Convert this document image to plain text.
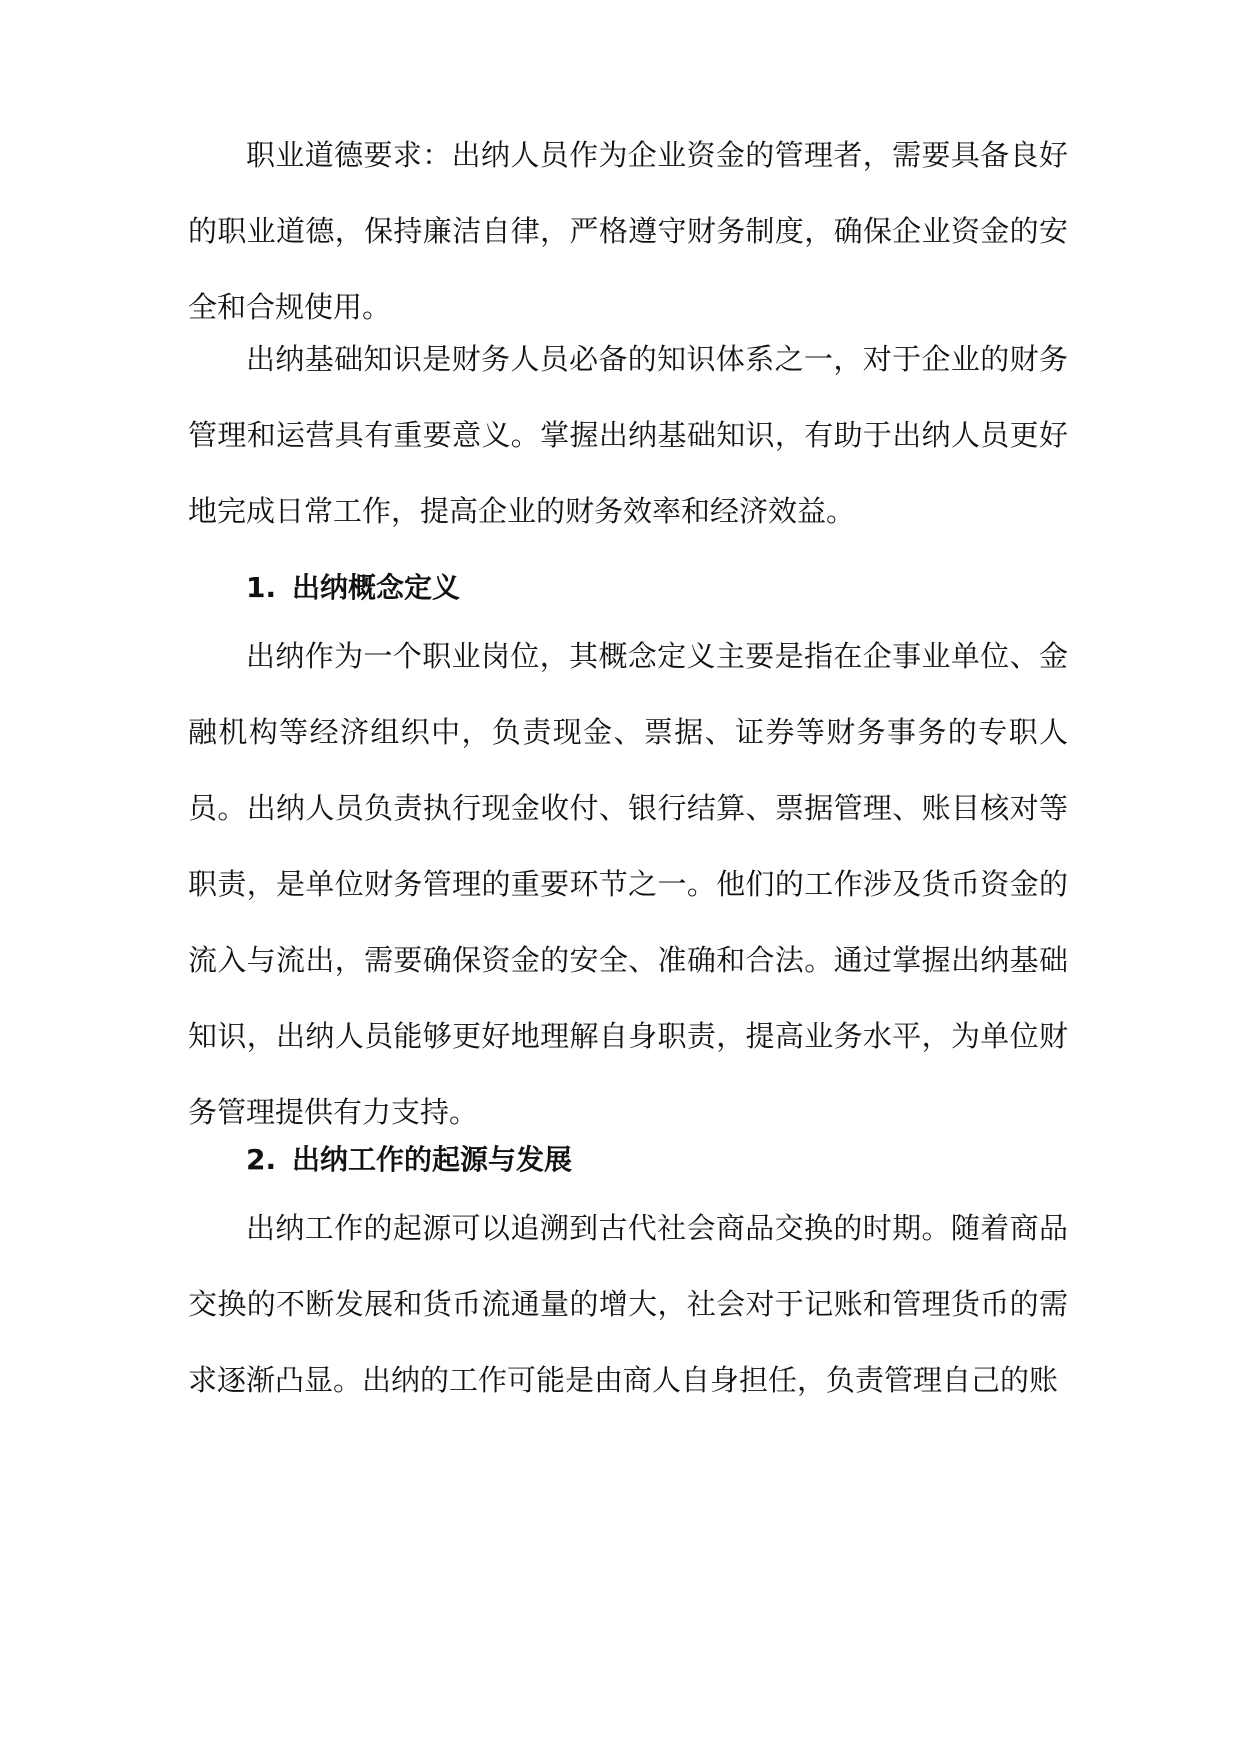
职业道德要求：出纳人员作为企业资金的管理者，需要具备良好的职业道德，保持廉洁自律，严格遵守财务制度，确保企业资金的安全和合规使用。

出纳基础知识是财务人员必备的知识体系之一，对于企业的财务管理和运营具有重要意义。掌握出纳基础知识，有助于出纳人员更好地完成日常工作，提高企业的财务效率和经济效益。

1. 出纳概念定义

出纳作为一个职业岗位，其概念定义主要是指在企事业单位、金融机构等经济组织中，负责现金、票据、证券等财务事务的专职人员。出纳人员负责执行现金收付、银行结算、票据管理、账目核对等职责，是单位财务管理的重要环节之一。他们的工作涉及货币资金的流入与流出，需要确保资金的安全、准确和合法。通过掌握出纳基础知识，出纳人员能够更好地理解自身职责，提高业务水平，为单位财务管理提供有力支持。

2. 出纳工作的起源与发展

出纳工作的起源可以追溯到古代社会商品交换的时期。随着商品交换的不断发展和货币流通量的增大，社会对于记账和管理货币的需求逐渐凸显。出纳的工作可能是由商人自身担任，负责管理自己的账
